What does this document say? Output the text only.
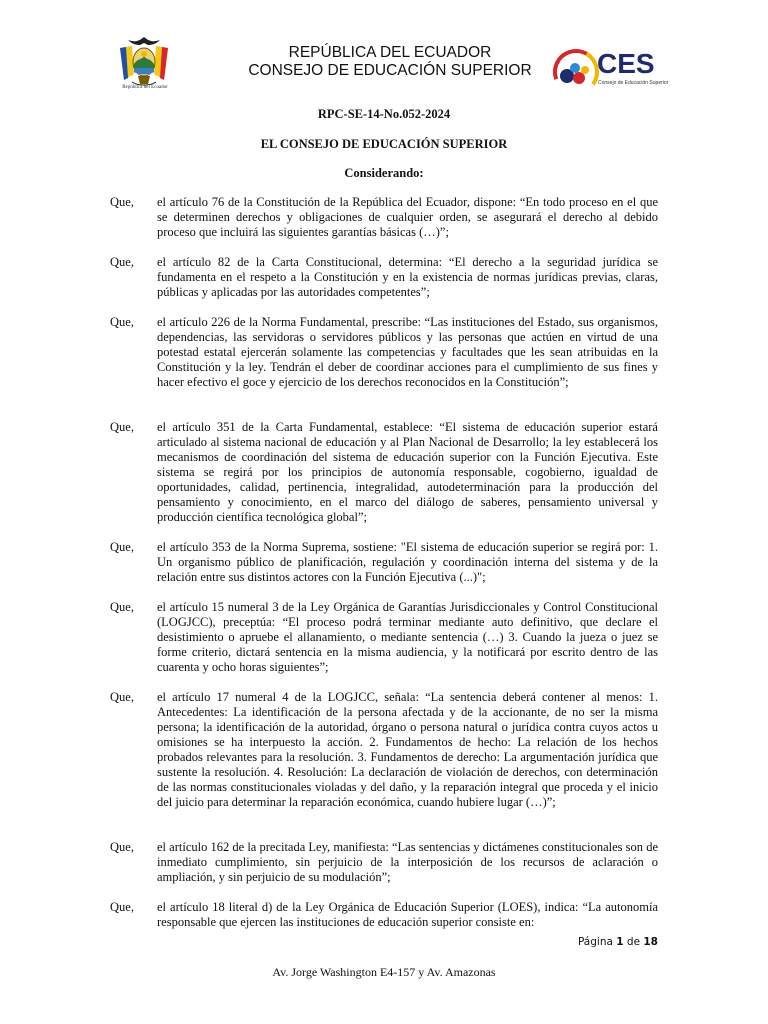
República del Ecuador
REPÚBLICA DEL ECUADOR
CONSEJO DE EDUCACIÓN SUPERIOR CES
Consejo de Educación Superior
RPC-SE-14-No.052-2024
EL CONSEJO DE EDUCACIÓN SUPERIOR
Considerando:
Que,	el artículo 76 de la Constitución de la República del Ecuador, dispone: “En todo proceso en el que se determinen derechos y obligaciones de cualquier orden, se asegurará el derecho al debido proceso que incluirá las siguientes garantías básicas (…)”;
Que,	el artículo 82 de la Carta Constitucional, determina: “El derecho a la seguridad jurídica se fundamenta en el respeto a la Constitución y en la existencia de normas jurídicas previas, claras, públicas y aplicadas por las autoridades competentes”;
Que,	el artículo 226 de la Norma Fundamental, prescribe: “Las instituciones del Estado, sus organismos, dependencias, las servidoras o servidores públicos y las personas que actúen en virtud de una potestad estatal ejercerán solamente las competencias y facultades que les sean atribuidas en la Constitución y la ley. Tendrán el deber de coordinar acciones para el cumplimiento de sus fines y hacer efectivo el goce y ejercicio de los derechos reconocidos en la Constitución”;
Que,	el artículo 351 de la Carta Fundamental, establece: “El sistema de educación superior estará articulado al sistema nacional de educación y al Plan Nacional de Desarrollo; la ley establecerá los mecanismos de coordinación del sistema de educación superior con la Función Ejecutiva. Este sistema se regirá por los principios de autonomía responsable, cogobierno, igualdad de oportunidades, calidad, pertinencia, integralidad, autodeterminación para la producción del pensamiento y conocimiento, en el marco del diálogo de saberes, pensamiento universal y producción científica tecnológica global”;
Que,	el artículo 353 de la Norma Suprema, sostiene: "El sistema de educación superior se regirá por: 1. Un organismo público de planificación, regulación y coordinación interna del sistema y de la relación entre sus distintos actores con la Función Ejecutiva (...)";
Que,	el artículo 15 numeral 3 de la Ley Orgánica de Garantías Jurisdiccionales y Control Constitucional (LOGJCC), preceptúa: “El proceso podrá terminar mediante auto definitivo, que declare el desistimiento o apruebe el allanamiento, o mediante sentencia (…) 3. Cuando la jueza o juez se forme criterio, dictará sentencia en la misma audiencia, y la notificará por escrito dentro de las cuarenta y ocho horas siguientes”;
Que,	el artículo 17 numeral 4 de la LOGJCC, señala: “La sentencia deberá contener al menos: 1. Antecedentes: La identificación de la persona afectada y de la accionante, de no ser la misma persona; la identificación de la autoridad, órgano o persona natural o jurídica contra cuyos actos u omisiones se ha interpuesto la acción. 2. Fundamentos de hecho: La relación de los hechos probados relevantes para la resolución. 3. Fundamentos de derecho: La argumentación jurídica que sustente la resolución. 4. Resolución: La declaración de violación de derechos, con determinación de las normas constitucionales violadas y del daño, y la reparación integral que proceda y el inicio del juicio para determinar la reparación económica, cuando hubiere lugar (…)”;
Que,	el artículo 162 de la precitada Ley, manifiesta: “Las sentencias y dictámenes constitucionales son de inmediato cumplimiento, sin perjuicio de la interposición de los recursos de aclaración o ampliación, y sin perjuicio de su modulación”;
Que,	el artículo 18 literal d) de la Ley Orgánica de Educación Superior (LOES), indica: “La autonomía responsable que ejercen las instituciones de educación superior consiste en:
Página 1 de 18
Av. Jorge Washington E4-157 y Av. Amazonas
